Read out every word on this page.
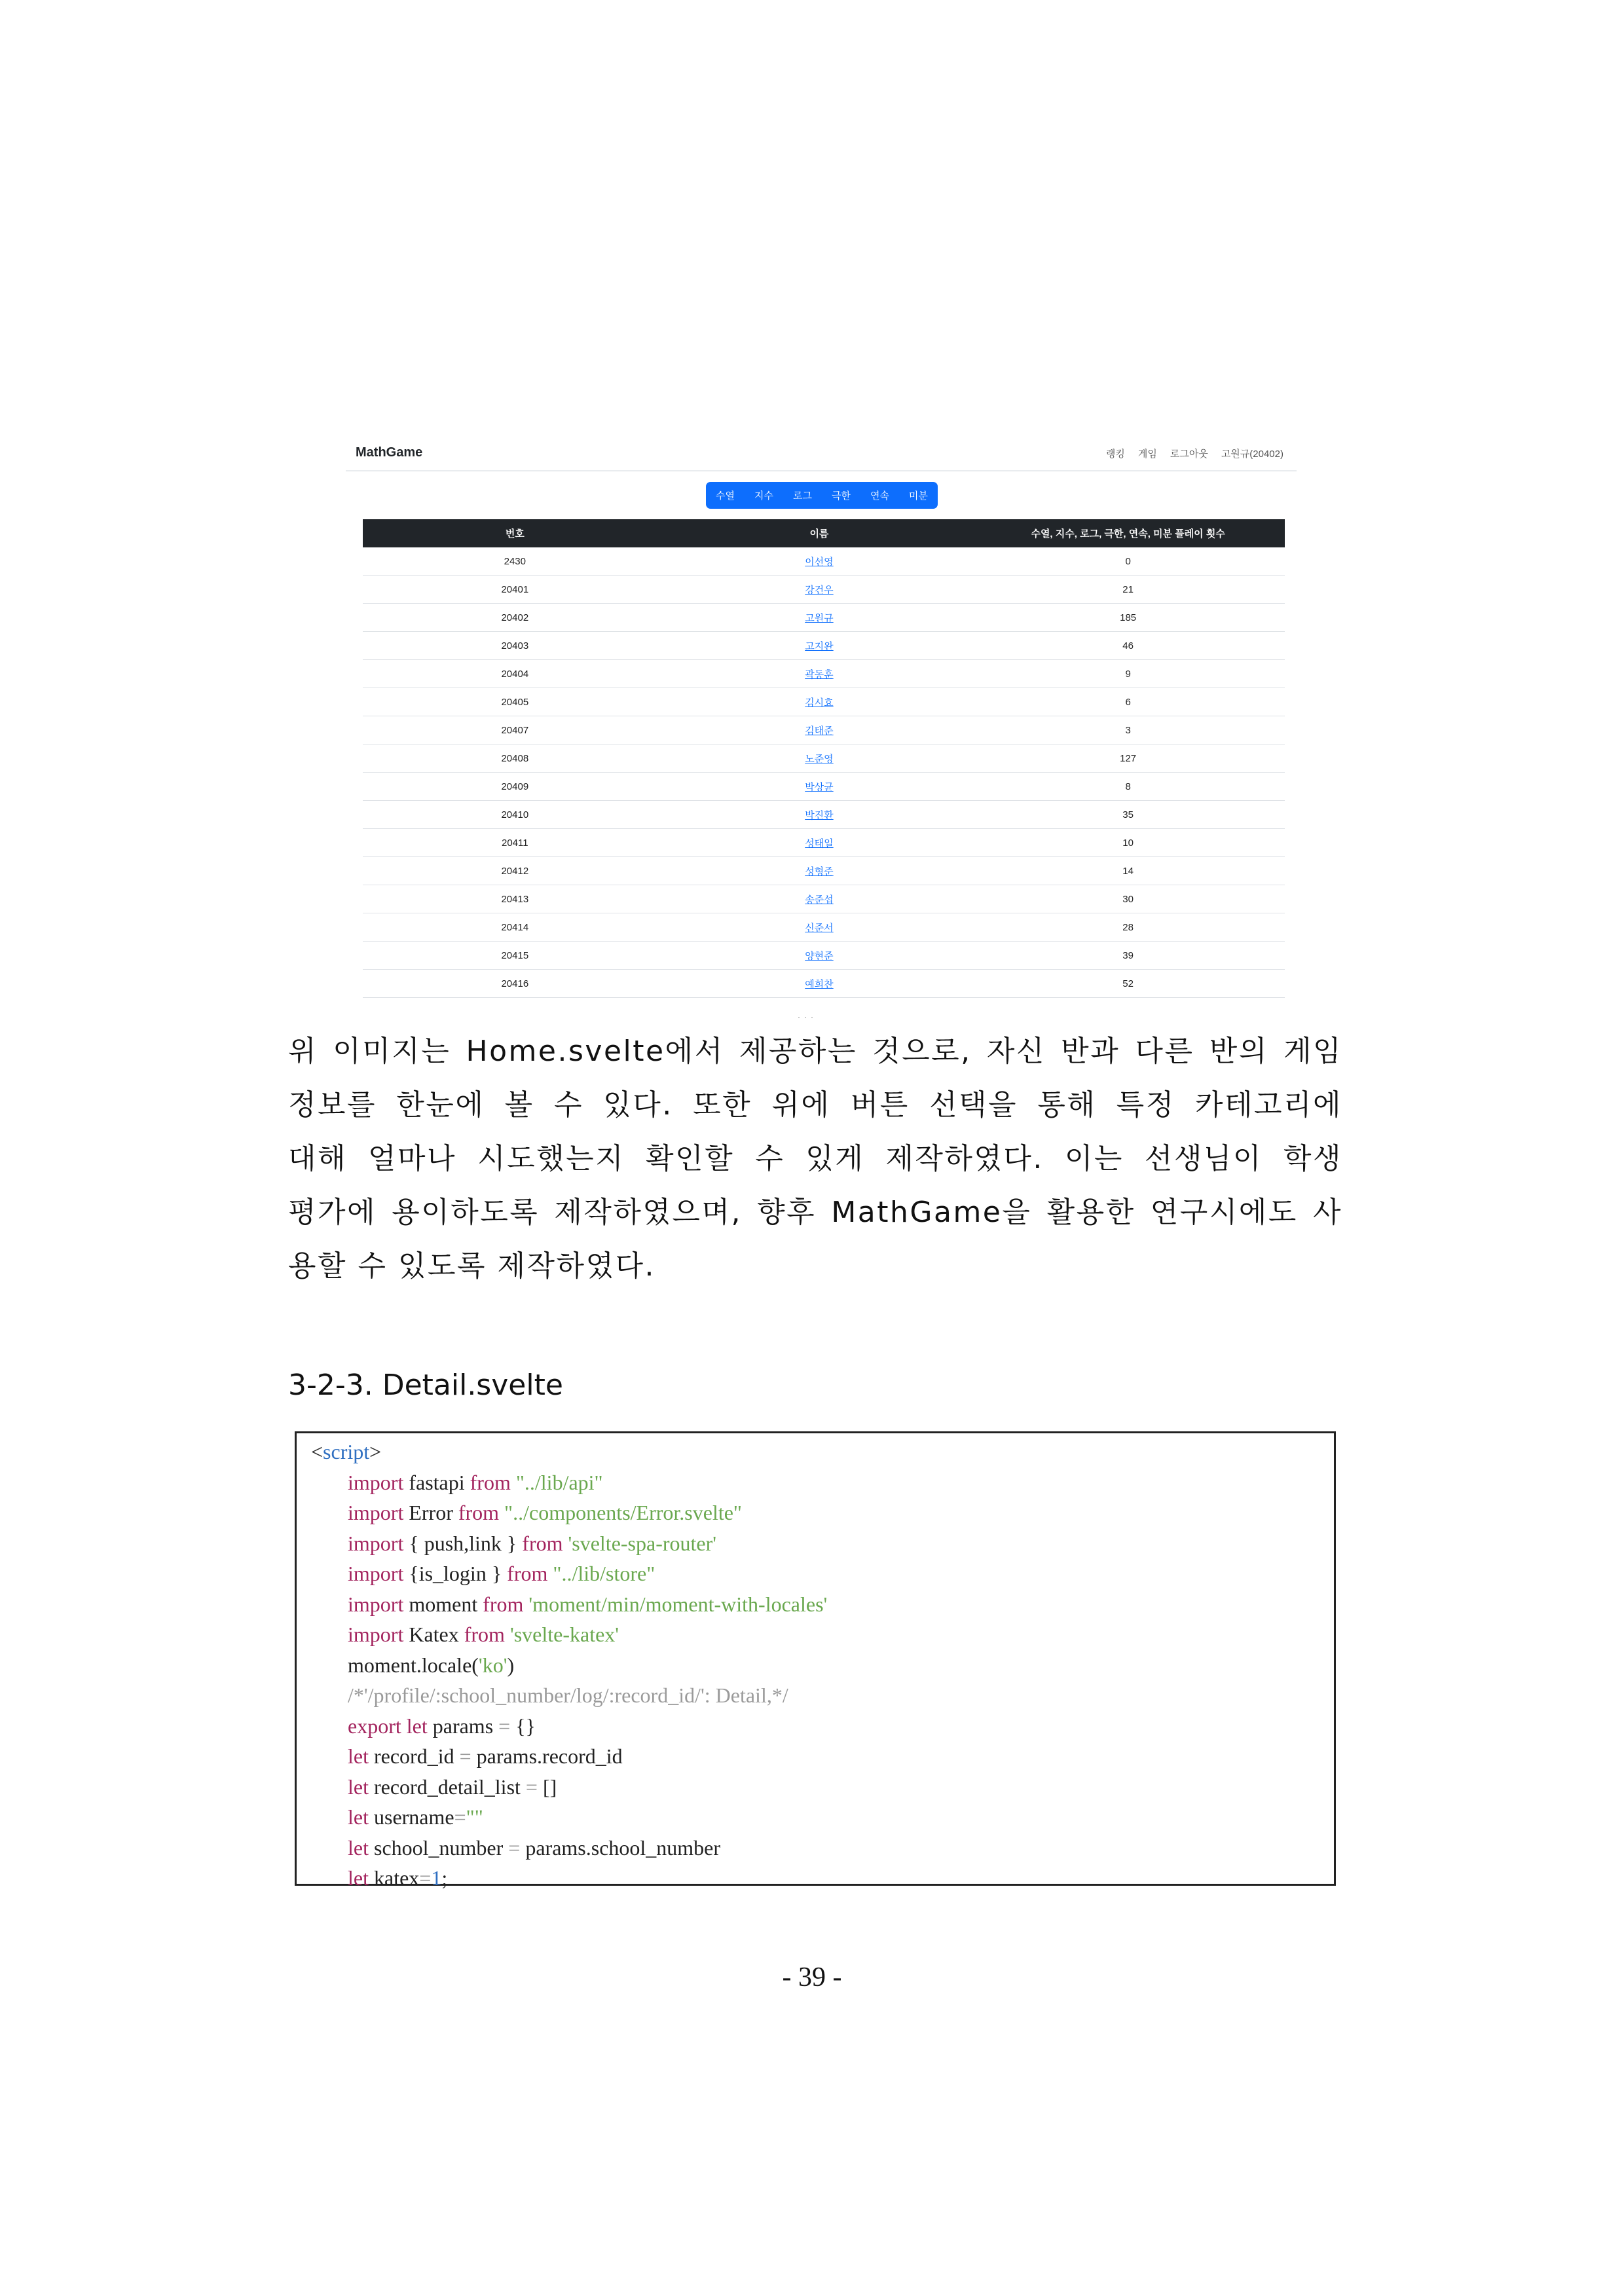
MathGame	랭킹 게임 로그아웃 고원규(20402)
수열	지수	로그	극한	연속	미분
번호	이름	수열, 지수, 로그, 극한, 연속, 미분 플레이 횟수
2430	이선영	0
20401	강건우	21
20402	고원규	185
20403	고지완	46
20404	곽동훈	9
20405	김시효	6
20407	김태준	3
20408	노준영	127
20409	박상균	8
20410	박진환	35
20411	성태일	10
20412	성형준	14
20413	송준섭	30
20414	신준서	28
20415	양현준	39
20416	예희찬	52
···
위 이미지는 Home.svelte에서 제공하는 것으로, 자신 반과 다른 반의 게임
정보를 한눈에 볼 수 있다. 또한 위에 버튼 선택을 통해 특정 카테고리에
대해 얼마나 시도했는지 확인할 수 있게 제작하였다. 이는 선생님이 학생
평가에 용이하도록 제작하였으며, 향후 MathGame을 활용한 연구시에도 사
용할 수 있도록 제작하였다.
3-2-3. Detail.svelte
<script>
import fastapi from "../lib/api"
import Error from "../components/Error.svelte"
import { push,link } from 'svelte-spa-router'
import {is_login } from "../lib/store"
import moment from 'moment/min/moment-with-locales'
import Katex from 'svelte-katex'
moment.locale('ko')
/*'/profile/:school_number/log/:record_id/': Detail,*/
export let params = {}
let record_id = params.record_id
let record_detail_list = []
let username=""
let school_number = params.school_number
let katex=1;
- 39 -
